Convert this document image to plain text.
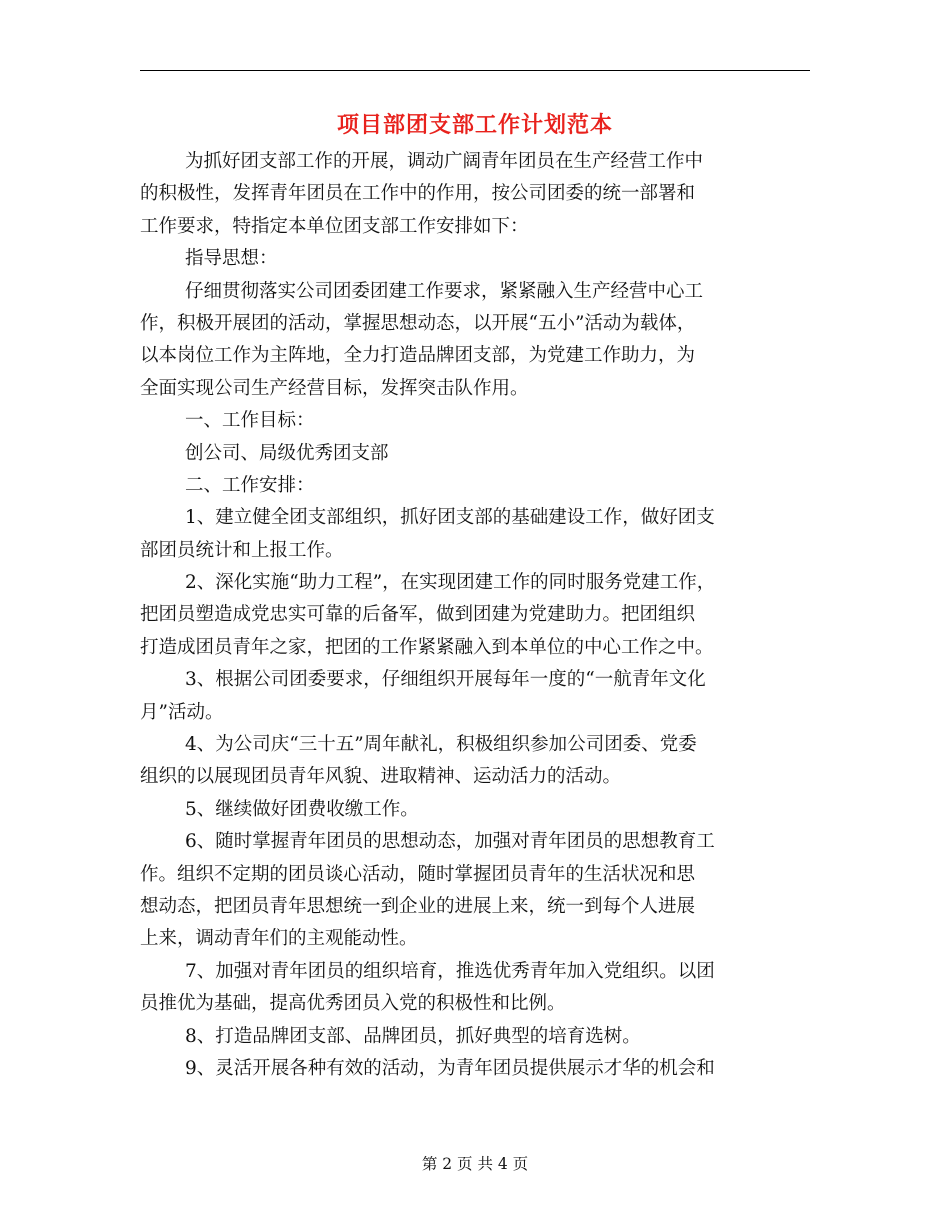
项目部团支部工作计划范本
为抓好团支部工作的开展，调动广阔青年团员在生产经营工作中
的积极性，发挥青年团员在工作中的作用，按公司团委的统一部署和
工作要求，特指定本单位团支部工作安排如下：
指导思想：
仔细贯彻落实公司团委团建工作要求，紧紧融入生产经营中心工
作，积极开展团的活动，掌握思想动态，以开展“五小”活动为载体，
以本岗位工作为主阵地，全力打造品牌团支部，为党建工作助力，为
全面实现公司生产经营目标，发挥突击队作用。
一、工作目标：
创公司、局级优秀团支部
二、工作安排：
1、建立健全团支部组织，抓好团支部的基础建设工作，做好团支
部团员统计和上报工作。
2、深化实施“助力工程”，在实现团建工作的同时服务党建工作，
把团员塑造成党忠实可靠的后备军，做到团建为党建助力。把团组织
打造成团员青年之家，把团的工作紧紧融入到本单位的中心工作之中。
3、根据公司团委要求，仔细组织开展每年一度的“一航青年文化
月”活动。
4、为公司庆“三十五”周年献礼，积极组织参加公司团委、党委
组织的以展现团员青年风貌、进取精神、运动活力的活动。
5、继续做好团费收缴工作。
6、随时掌握青年团员的思想动态，加强对青年团员的思想教育工
作。组织不定期的团员谈心活动，随时掌握团员青年的生活状况和思
想动态，把团员青年思想统一到企业的进展上来，统一到每个人进展
上来，调动青年们的主观能动性。
7、加强对青年团员的组织培育，推选优秀青年加入党组织。以团
员推优为基础，提高优秀团员入党的积极性和比例。
8、打造品牌团支部、品牌团员，抓好典型的培育选树。
9、灵活开展各种有效的活动，为青年团员提供展示才华的机会和
第 2 页 共 4 页
